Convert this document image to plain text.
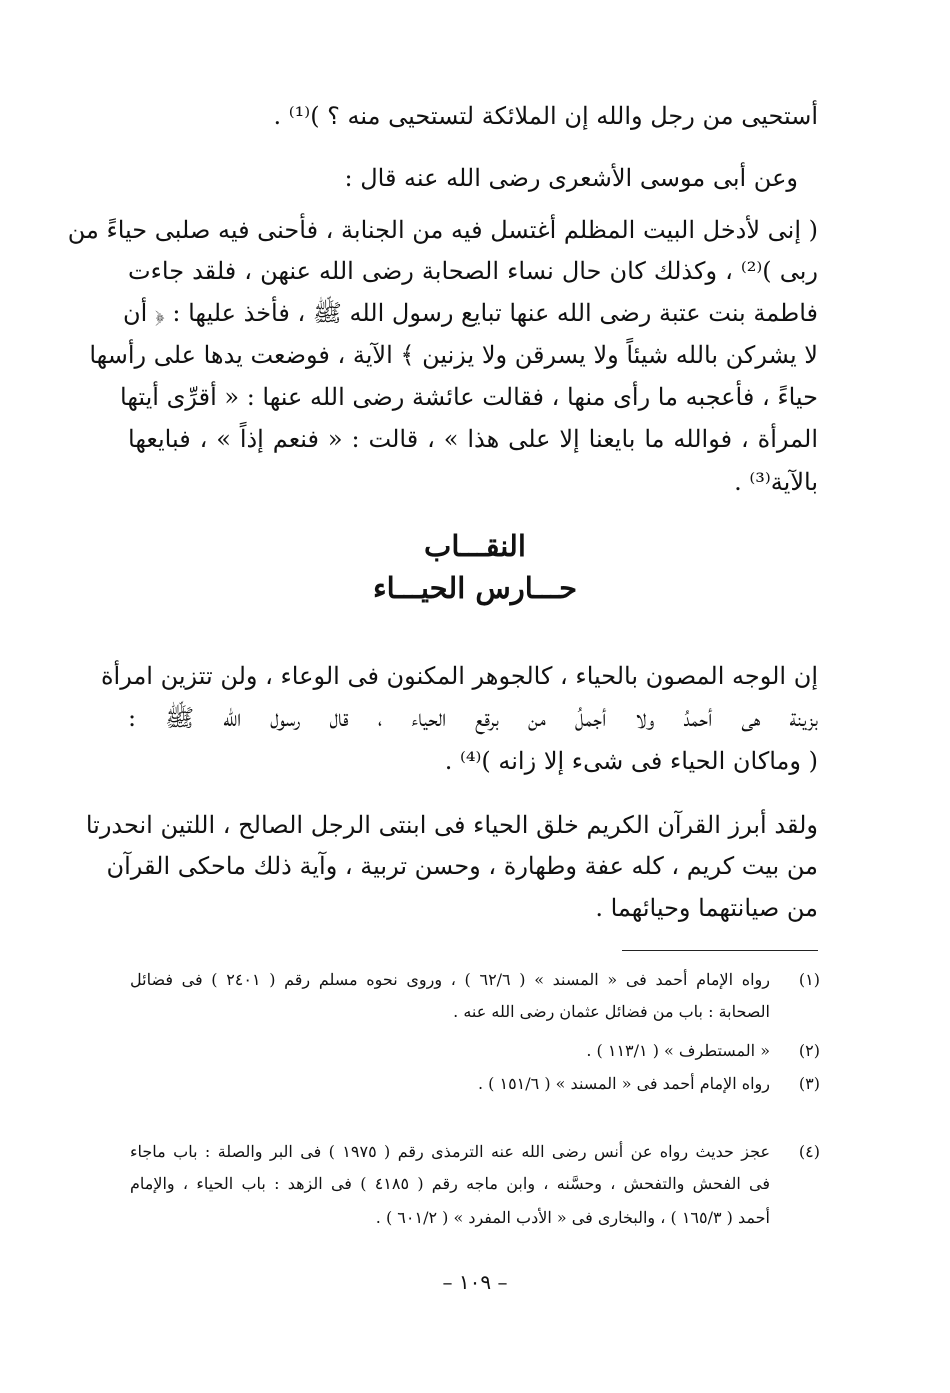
أستحيى من رجل والله إن الملائكة لتستحيى منه ؟ )⁽¹⁾ .
وعن أبى موسى الأشعرى رضى الله عنه قال :
( إنى لأدخل البيت المظلم أغتسل فيه من الجنابة ، فأحنى فيه صلبى حياءً من
ربى )⁽²⁾ ، وكذلك كان حال نساء الصحابة رضى الله عنهن ، فلقد جاءت
فاطمة بنت عتبة رضى الله عنها تبايع رسول الله ﷺ ، فأخذ عليها : ﴿ أن
لا يشركن بالله شيئاً ولا يسرقن ولا يزنين ﴾ الآية ، فوضعت يدها على رأسها
حياءً ، فأعجبه ما رأى منها ، فقالت عائشة رضى الله عنها : « أقرِّى أيتها
المرأة ، فوالله ما بايعنا إلا على هذا » ، قالت : « فنعم إذاً » ، فبايعها
بالآية⁽³⁾ .
النقـــاب
حـــارس الحيـــاء
إن الوجه المصون بالحياء ، كالجوهر المكنون فى الوعاء ، ولن تتزين امرأة
بزينة هى أحمدُ ولا أجملُ من برقع الحياء ، قال رسول الله ﷺ :
( وماكان الحياء فى شىء إلا زانه )⁽⁴⁾ .
ولقد أبرز القرآن الكريم خلق الحياء فى ابنتى الرجل الصالح ، اللتين انحدرتا
من بيت كريم ، كله عفة وطهارة ، وحسن تربية ، وآية ذلك ماحكى القرآن
من صيانتهما وحيائهما .
(١)
رواه الإمام أحمد فى « المسند » ( ٦٢/٦ ) ، وروى نحوه مسلم رقم ( ٢٤٠١ ) فى فضائل
الصحابة : باب من فضائل عثمان رضى الله عنه .
(٢)
« المستطرف » ( ١١٣/١ ) .
(٣)
رواه الإمام أحمد فى « المسند » ( ١٥١/٦ ) .
(٤)
عجز حديث رواه عن أنس رضى الله عنه الترمذى رقم ( ١٩٧٥ ) فى البر والصلة : باب ماجاء
فى الفحش والتفحش ، وحسَّنه ، وابن ماجه رقم ( ٤١٨٥ ) فى الزهد : باب الحياء ، والإمام
أحمد ( ١٦٥/٣ ) ، والبخارى فى « الأدب المفرد » ( ٦٠١/٢ ) .
– ١٠٩ –
